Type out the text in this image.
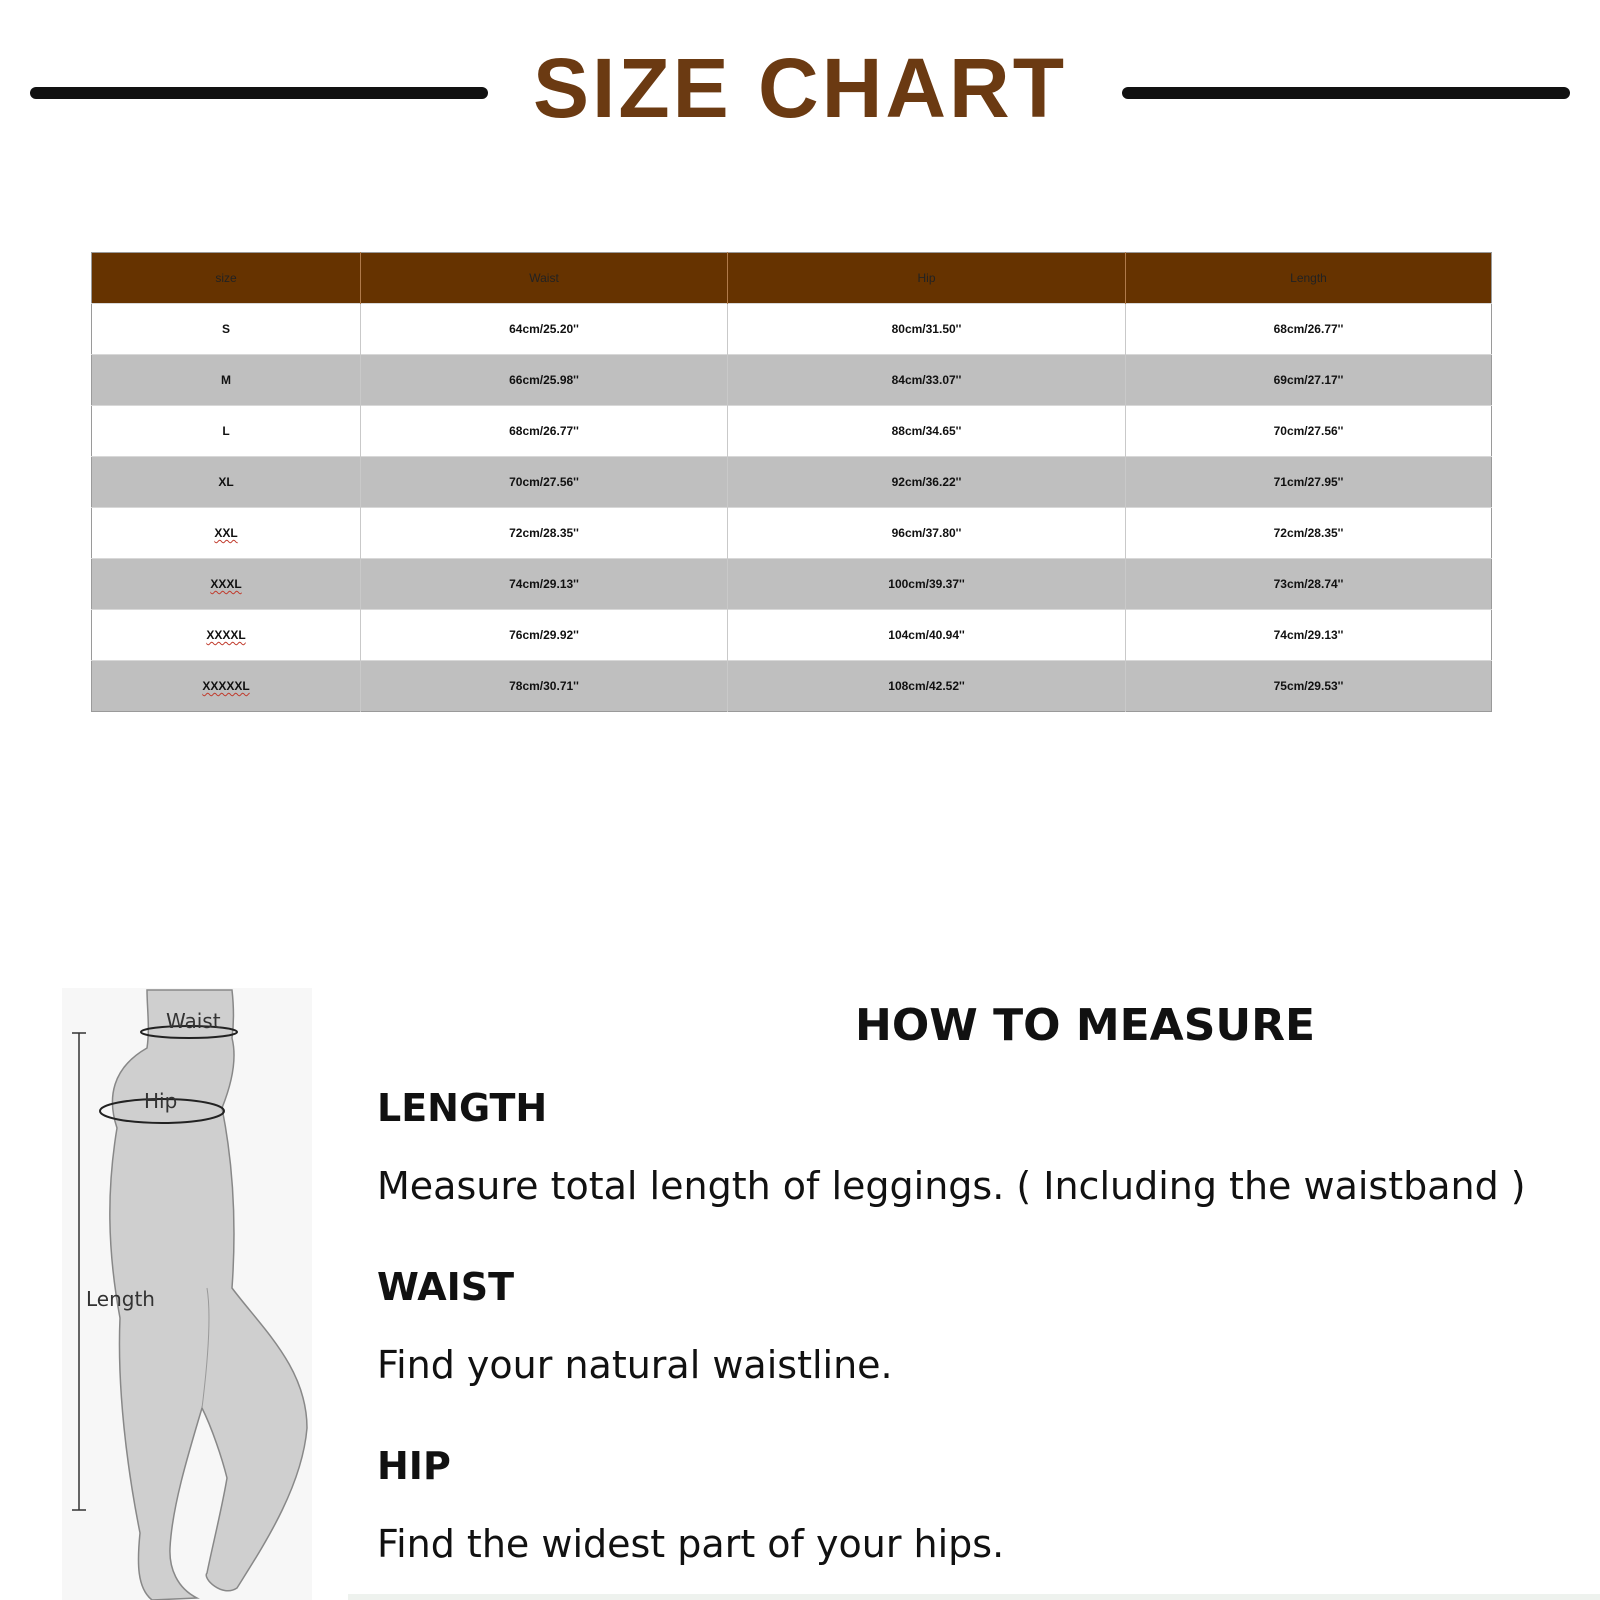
SIZE CHART
size	Waist	Hip	Length
S	64cm/25.20''	80cm/31.50''	68cm/26.77''
M	66cm/25.98''	84cm/33.07''	69cm/27.17''
L	68cm/26.77''	88cm/34.65''	70cm/27.56''
XL	70cm/27.56''	92cm/36.22''	71cm/27.95''
XXL	72cm/28.35''	96cm/37.80''	72cm/28.35''
XXXL	74cm/29.13''	100cm/39.37''	73cm/28.74''
XXXXL	76cm/29.92''	104cm/40.94''	74cm/29.13''
XXXXXL	78cm/30.71''	108cm/42.52''	75cm/29.53''
Waist
Hip
Length
HOW TO MEASURE
LENGTH
Measure total length of leggings. ( Including the waistband )
WAIST
Find your natural waistline.
HIP
Find the widest part of your hips.
